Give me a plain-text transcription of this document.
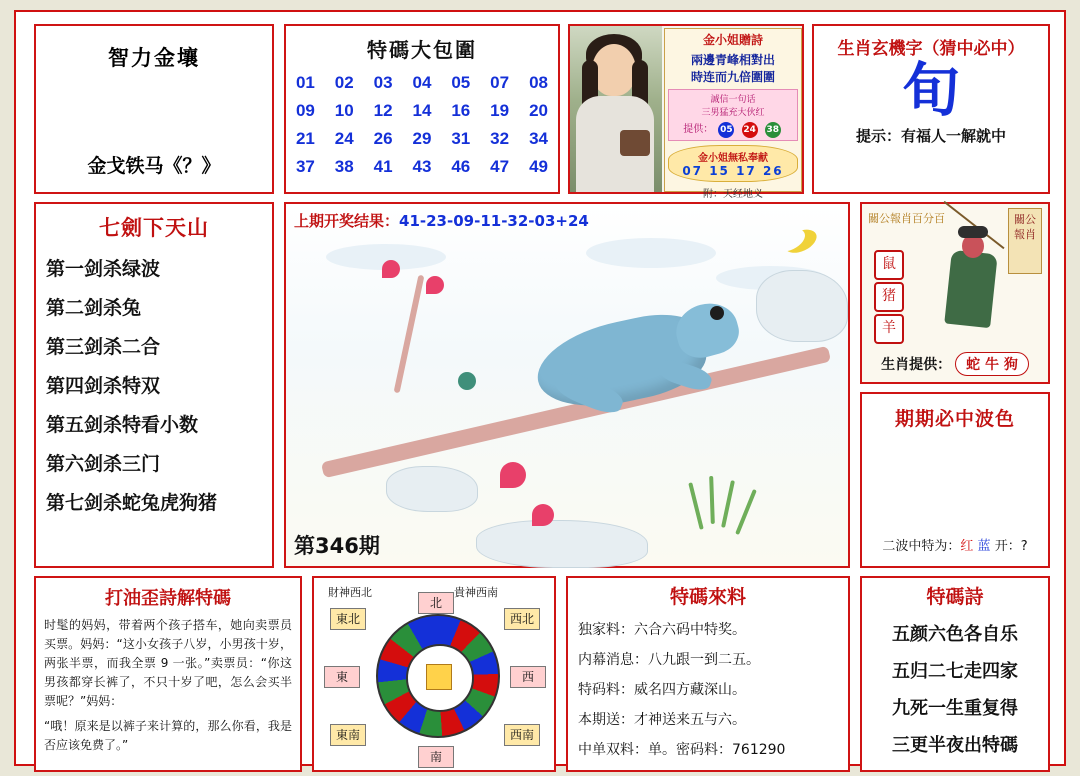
智力金壤
金戈铁马《？》
特碼大包圍
01	02	03	04	05	07	08
09	10	12	14	16	19	20
21	24	26	29	31	32	34
37	38	41	43	46	47	49
金小姐贈詩
兩邊青峰相對出
時连而九倍圍圍
誠信一句话
三男猛充大伙红
提供： 05 24 38
金小姐無私奉献
07 15 17 26
附：天经地义
生肖玄機字（猜中必中）
旬
提示：有福人一解就中
七劍下天山
第一剑杀绿波
第二剑杀兔
第三剑杀二合
第四剑杀特双
第五剑杀特看小数
第六剑杀三门
第七剑杀蛇兔虎狗猪
上期开奖结果：41-23-09-11-32-03+24
第346期
關公報肖百分百	關公報肖
鼠
猪
羊
生肖提供： 蛇 牛 狗
期期必中波色
二波中特为：红 蓝 开：?
打油歪詩解特碼
时髦的妈妈，带着两个孩子搭车，她向卖票员买票。妈妈：“这小女孩子八岁，小男孩十岁，两张半票，而我全票 9 一张。”卖票员：“你这男孩都穿长裤了，不只十岁了吧，怎么会买半票呢？”妈妈：
“哦！原来是以裤子来计算的，那么你看，我是否应该免费了。”
財神西北	貴神西南
東北	西北
北
東	西
東南	西南
南
特碼來料
独家料：六合六码中特奖。
内幕消息：八九跟一到二五。
特码料：威名四方藏深山。
本期送：才神送来五与六。
中单双料：单。密码料：761290
特碼詩
五颜六色各自乐
五归二七走四家
九死一生重复得
三更半夜出特碼
